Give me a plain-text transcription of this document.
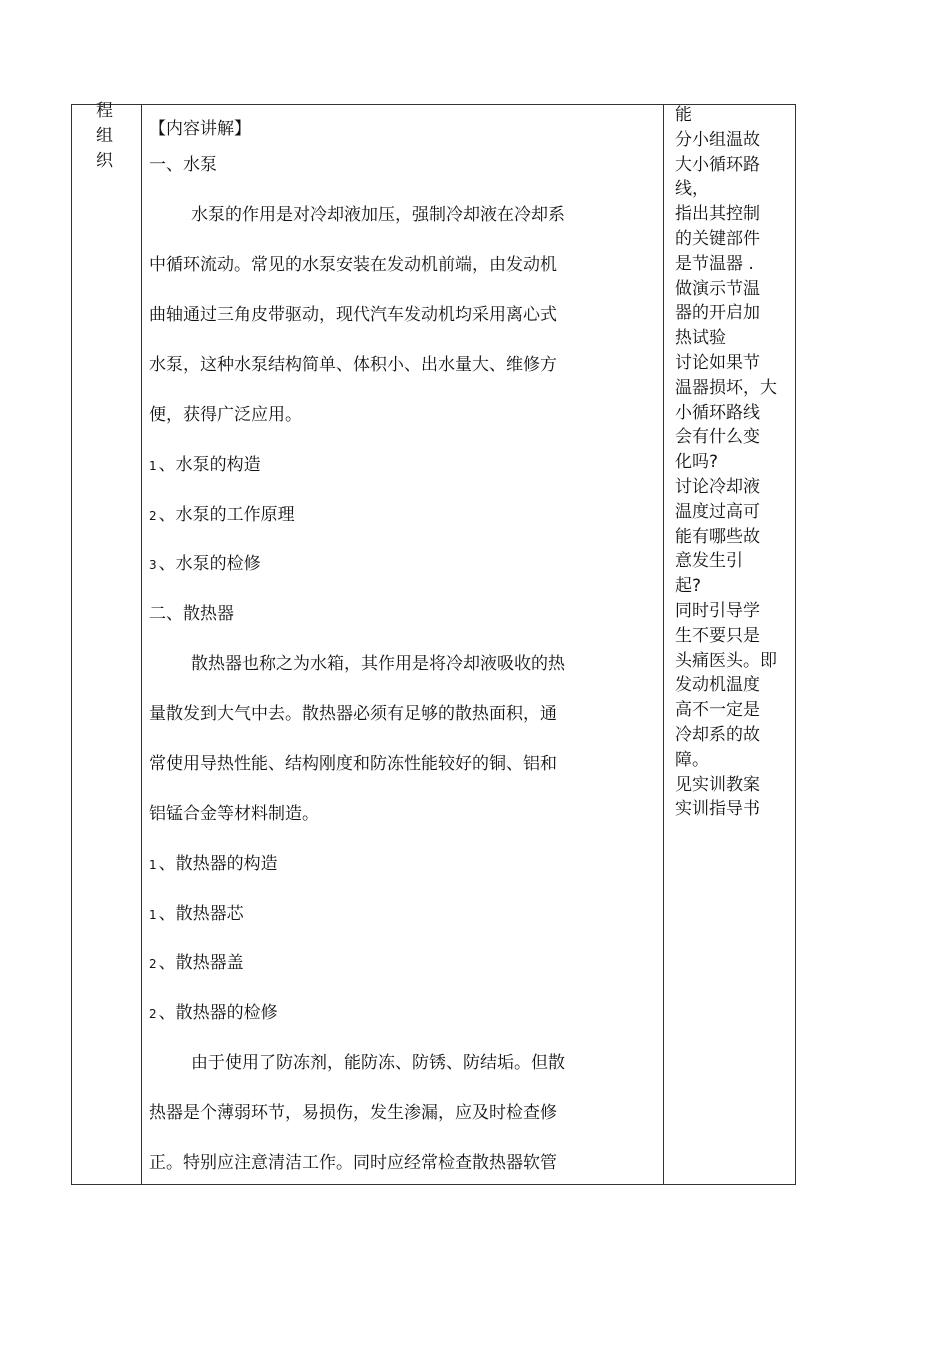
程
组
织
【内容讲解】
一、水泵
水泵的作用是对冷却液加压，强制冷却液在冷却系
中循环流动。常见的水泵安装在发动机前端，由发动机
曲轴通过三角皮带驱动，现代汽车发动机均采用离心式
水泵，这种水泵结构简单、体积小、出水量大、维修方
便，获得广泛应用。
1 、水泵的构造
2 、水泵的工作原理
3 、水泵的检修
二、散热器
散热器也称之为水箱，其作用是将冷却液吸收的热
量散发到大气中去。散热器必须有足够的散热面积，通
常使用导热性能、结构刚度和防冻性能较好的铜、铝和
铝锰合金等材料制造。
1 、散热器的构造
1 、散热器芯
2 、散热器盖
2 、散热器的检修
由于使用了防冻剂，能防冻、防锈、防结垢。但散
热器是个薄弱环节，易损伤，发生渗漏，应及时检查修
正。特别应注意清洁工作。同时应经常检查散热器软管
能
分小组温故
大小循环路
线，
指出其控制
的关键部件
是节温器 .
做演示节温
器的开启加
热试验
讨论如果节
温器损坏，大
小循环路线
会有什么变
化吗?
讨论冷却液
温度过高可
能有哪些故
意发生引
起?
同时引导学
生不要只是
头痛医头。即
发动机温度
高不一定是
冷却系的故
障。
见实训教案
实训指导书
